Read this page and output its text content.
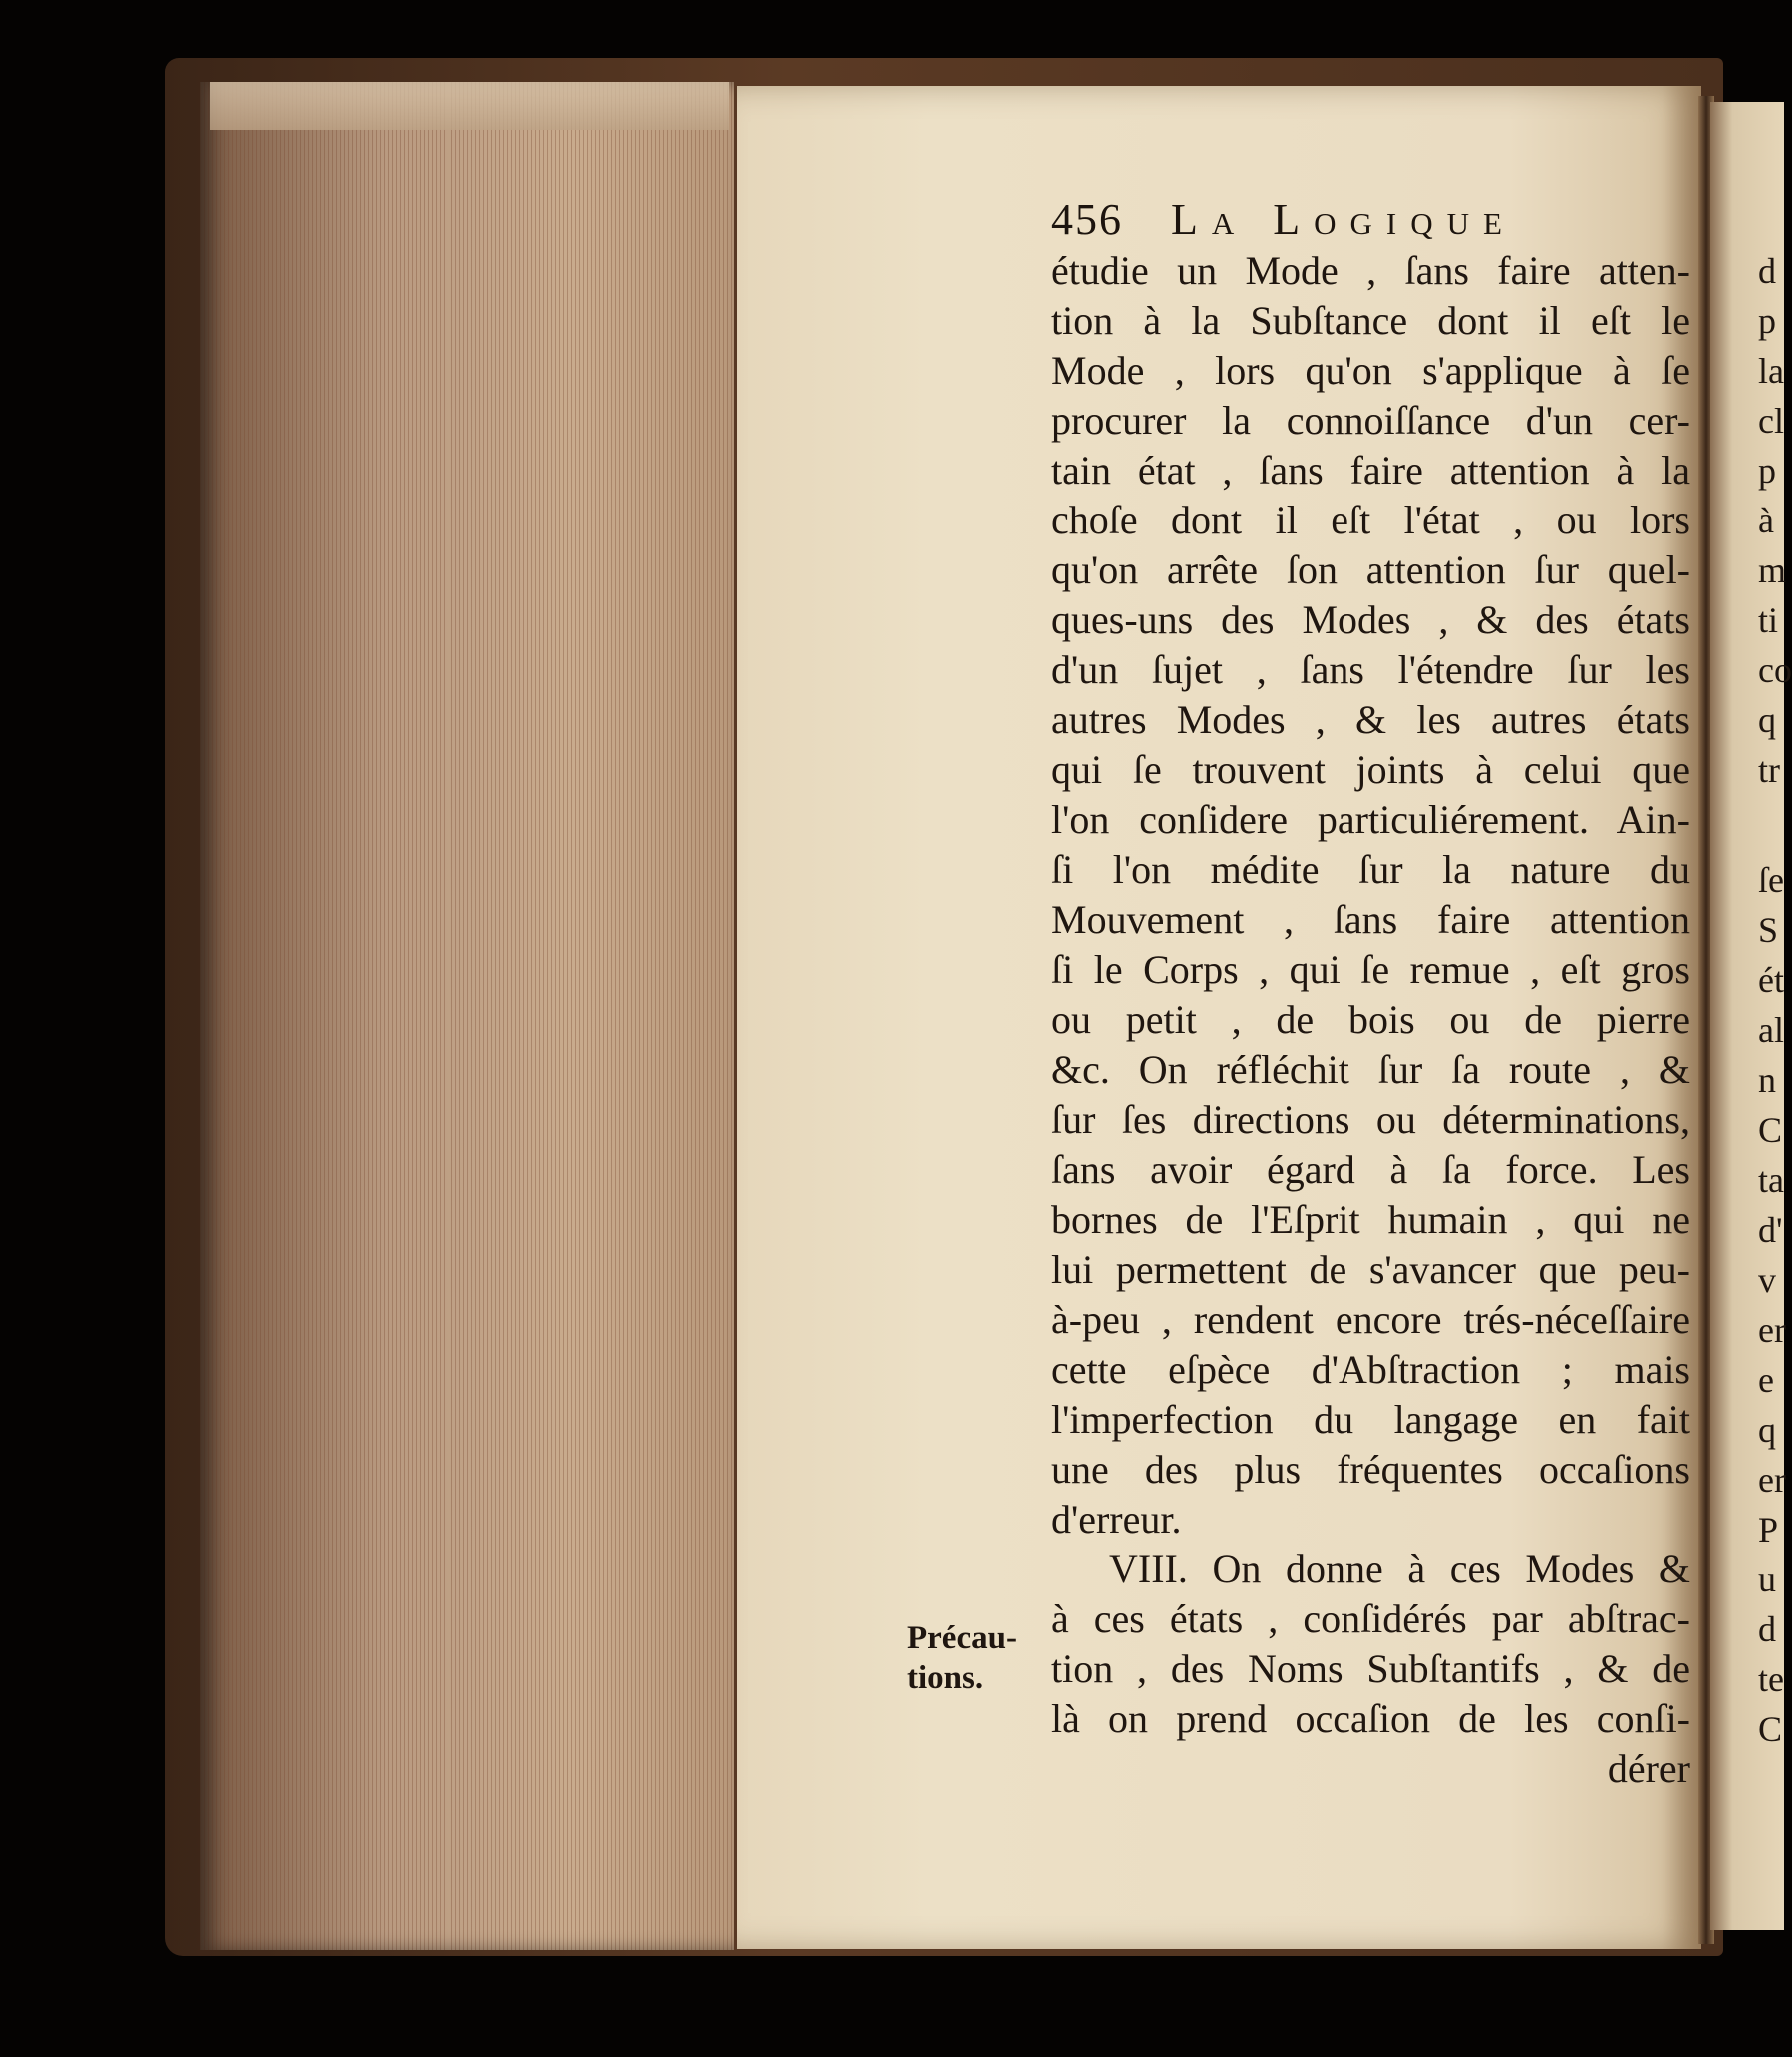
456 La Logique
étudie un Mode , ſans faire atten-
tion à la Subſtance dont il eſt le
Mode , lors qu'on s'applique à ſe
procurer la connoiſſance d'un cer-
tain état , ſans faire attention à la
choſe dont il eſt l'état , ou lors
qu'on arrête ſon attention ſur quel-
ques-uns des Modes , & des états
d'un ſujet , ſans l'étendre ſur les
autres Modes , & les autres états
qui ſe trouvent joints à celui que
l'on conſidere particuliérement. Ain-
ſi l'on médite ſur la nature du
Mouvement , ſans faire attention
ſi le Corps , qui ſe remue , eſt gros
ou petit , de bois ou de pierre
&c. On réfléchit ſur ſa route , &
ſur ſes directions ou déterminations,
ſans avoir égard à ſa force. Les
bornes de l'Eſprit humain , qui ne
lui permettent de s'avancer que peu-
à-peu , rendent encore trés-néceſſaire
cette eſpèce d'Abſtraction ; mais
l'imperfection du langage en fait
une des plus fréquentes occaſions
d'erreur.
VIII. On donne à ces Modes &
à ces états , conſidérés par abſtrac-
tion , des Noms Subſtantifs , & de
là on prend occaſion de les conſi-
dérer
Précau-
tions.
d
p
la
cl
p
à
m
ti
co
q
tr
ſe
S
ét
al
n
C
ta
d'
v
er
e
q
er
P
u
d
te
C
